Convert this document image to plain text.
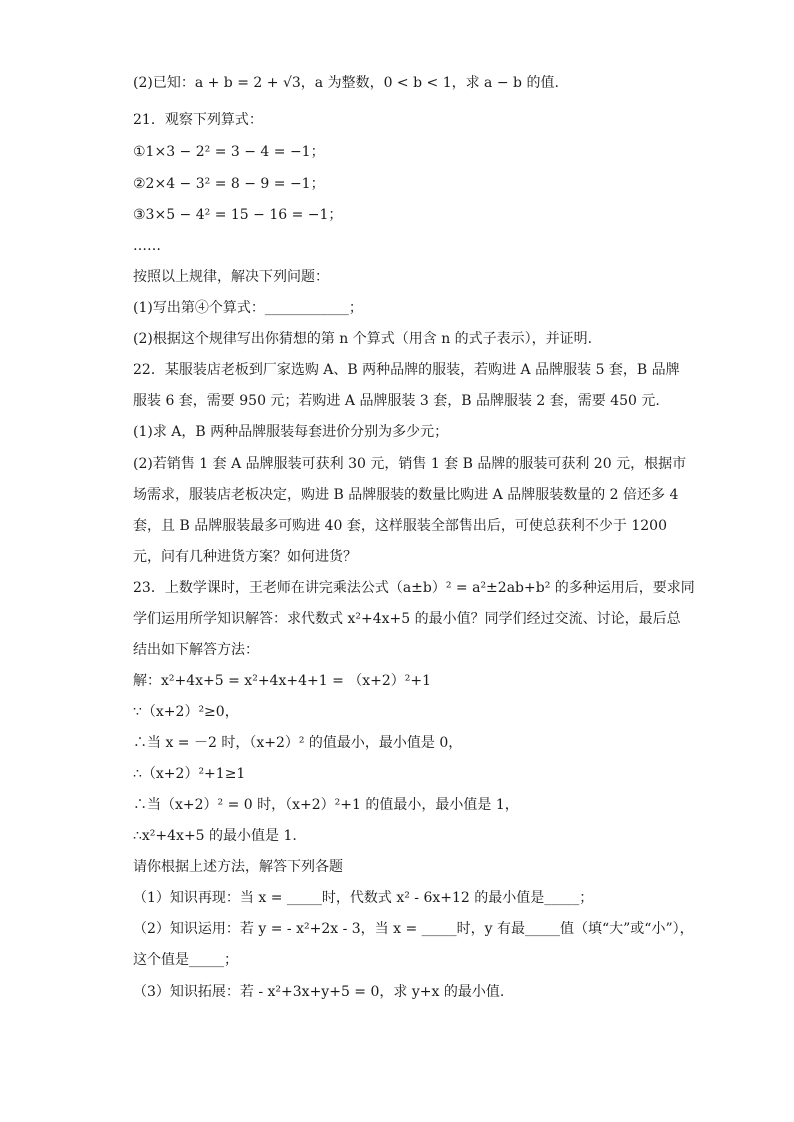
(2)已知：a + b = 2 + √3，a 为整数，0 < b < 1，求 a − b 的值.
21．观察下列算式：
①1×3 − 2² = 3 − 4 = −1；
②2×4 − 3² = 8 − 9 = −1；
③3×5 − 4² = 15 − 16 = −1；
……
按照以上规律，解决下列问题：
(1)写出第④个算式：____________；
(2)根据这个规律写出你猜想的第 n 个算式（用含 n 的式子表示），并证明.
22．某服装店老板到厂家选购 A、B 两种品牌的服装，若购进 A 品牌服装 5 套，B 品牌
服装 6 套，需要 950 元；若购进 A 品牌服装 3 套，B 品牌服装 2 套，需要 450 元.
(1)求 A，B 两种品牌服装每套进价分别为多少元；
(2)若销售 1 套 A 品牌服装可获利 30 元，销售 1 套 B 品牌的服装可获利 20 元，根据市
场需求，服装店老板决定，购进 B 品牌服装的数量比购进 A 品牌服装数量的 2 倍还多 4
套，且 B 品牌服装最多可购进 40 套，这样服装全部售出后，可使总获利不少于 1200
元，问有几种进货方案？如何进货？
23．上数学课时，王老师在讲完乘法公式（a±b）² = a²±2ab+b² 的多种运用后，要求同
学们运用所学知识解答：求代数式 x²+4x+5 的最小值？同学们经过交流、讨论，最后总
结出如下解答方法：
解：x²+4x+5 = x²+4x+4+1 = （x+2）²+1
∵（x+2）²≥0，
∴当 x = －2 时，（x+2）² 的值最小，最小值是 0，
∴（x+2）²+1≥1
∴当（x+2）² = 0 时，（x+2）²+1 的值最小，最小值是 1，
∴x²+4x+5 的最小值是 1.
请你根据上述方法，解答下列各题
（1）知识再现：当 x = _____时，代数式 x² - 6x+12 的最小值是_____；
（2）知识运用：若 y = - x²+2x - 3，当 x = _____时，y 有最_____值（填“大”或“小”），
这个值是_____；
（3）知识拓展：若 - x²+3x+y+5 = 0，求 y+x 的最小值.
